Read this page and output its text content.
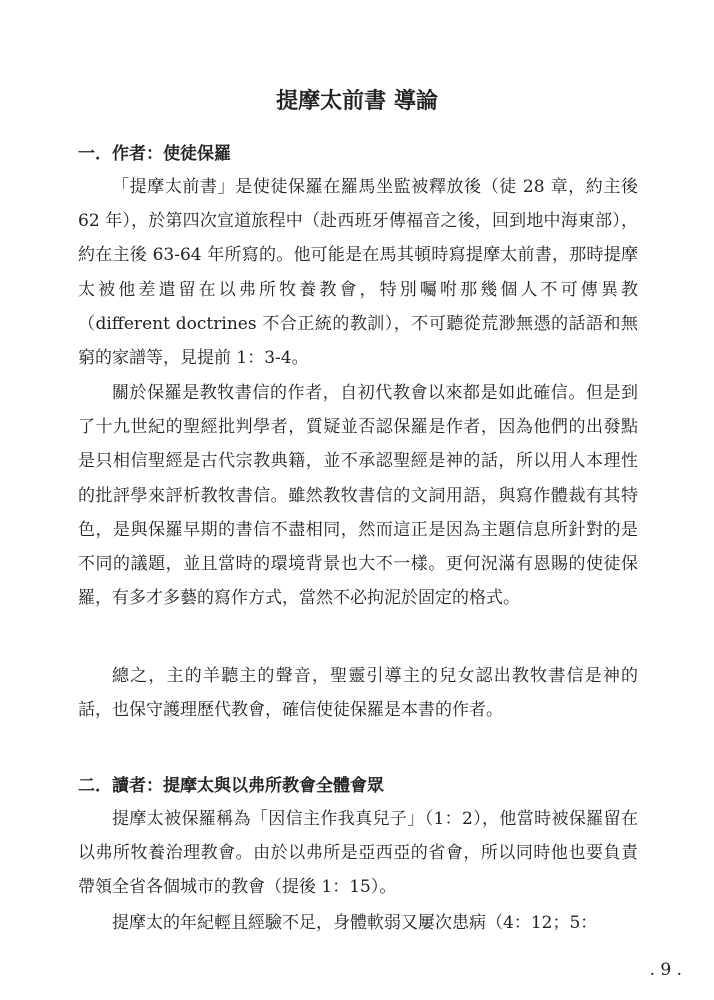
提摩太前書 導論
一．作者：使徒保羅

「提摩太前書」是使徒保羅在羅馬坐監被釋放後（徒 28 章，約主後 62 年），於第四次宣道旅程中（赴西班牙傳福音之後，回到地中海東部），約在主後 63-64 年所寫的。他可能是在馬其頓時寫提摩太前書，那時提摩太被他差遣留在以弗所牧養教會，特別囑咐那幾個人不可傳異教（different doctrines 不合正統的教訓），不可聽從荒渺無憑的話語和無窮的家譜等，見提前 1：3-4。

關於保羅是教牧書信的作者，自初代教會以來都是如此確信。但是到了十九世紀的聖經批判學者，質疑並否認保羅是作者，因為他們的出發點是只相信聖經是古代宗教典籍，並不承認聖經是神的話，所以用人本理性的批評學來評析教牧書信。雖然教牧書信的文詞用語，與寫作體裁有其特色，是與保羅早期的書信不盡相同，然而這正是因為主題信息所針對的是不同的議題，並且當時的環境背景也大不一樣。更何況滿有恩賜的使徒保羅，有多才多藝的寫作方式，當然不必拘泥於固定的格式。

總之，主的羊聽主的聲音，聖靈引導主的兒女認出教牧書信是神的話，也保守護理歷代教會，確信使徒保羅是本書的作者。

二．讀者：提摩太與以弗所教會全體會眾

提摩太被保羅稱為「因信主作我真兒子」（1：2），他當時被保羅留在以弗所牧養治理教會。由於以弗所是亞西亞的省會，所以同時他也要負責帶領全省各個城市的教會（提後 1：15）。

提摩太的年紀輕且經驗不足，身體軟弱又屢次患病（4：12；5：

. 9 .
